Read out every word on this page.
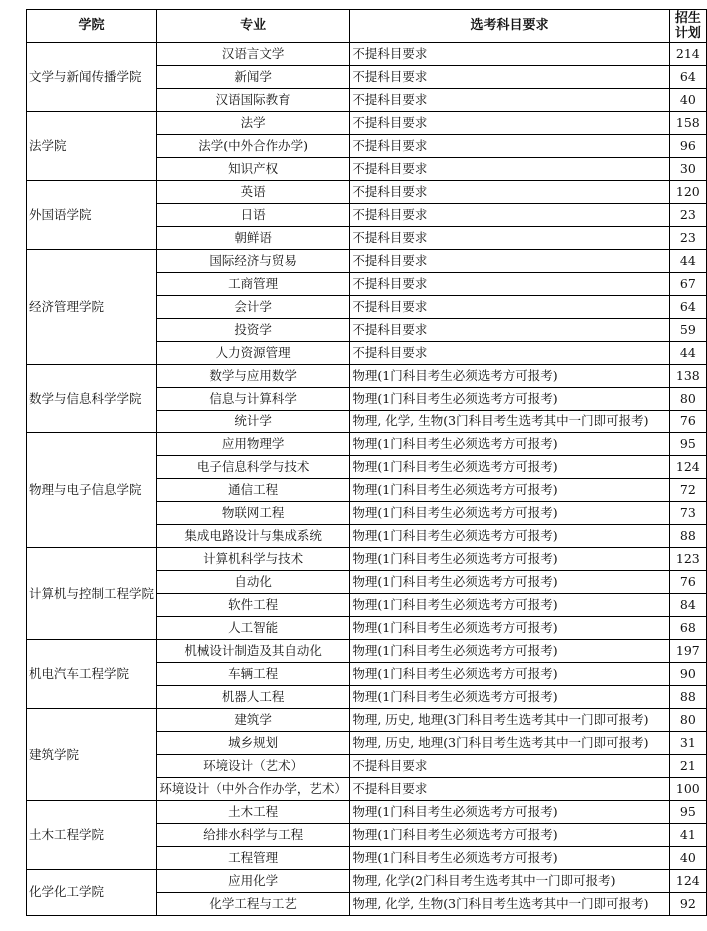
学院	专业	选考科目要求	招生计划
文学与新闻传播学院	汉语言文学	不提科目要求	214
	新闻学	不提科目要求	64
	汉语国际教育	不提科目要求	40
法学院	法学	不提科目要求	158
	法学(中外合作办学)	不提科目要求	96
	知识产权	不提科目要求	30
外国语学院	英语	不提科目要求	120
	日语	不提科目要求	23
	朝鲜语	不提科目要求	23
经济管理学院	国际经济与贸易	不提科目要求	44
	工商管理	不提科目要求	67
	会计学	不提科目要求	64
	投资学	不提科目要求	59
	人力资源管理	不提科目要求	44
数学与信息科学学院	数学与应用数学	物理(1门科目考生必须选考方可报考)	138
	信息与计算科学	物理(1门科目考生必须选考方可报考)	80
	统计学	物理, 化学, 生物(3门科目考生选考其中一门即可报考)	76
物理与电子信息学院	应用物理学	物理(1门科目考生必须选考方可报考)	95
	电子信息科学与技术	物理(1门科目考生必须选考方可报考)	124
	通信工程	物理(1门科目考生必须选考方可报考)	72
	物联网工程	物理(1门科目考生必须选考方可报考)	73
	集成电路设计与集成系统	物理(1门科目考生必须选考方可报考)	88
计算机与控制工程学院	计算机科学与技术	物理(1门科目考生必须选考方可报考)	123
	自动化	物理(1门科目考生必须选考方可报考)	76
	软件工程	物理(1门科目考生必须选考方可报考)	84
	人工智能	物理(1门科目考生必须选考方可报考)	68
机电汽车工程学院	机械设计制造及其自动化	物理(1门科目考生必须选考方可报考)	197
	车辆工程	物理(1门科目考生必须选考方可报考)	90
	机器人工程	物理(1门科目考生必须选考方可报考)	88
建筑学院	建筑学	物理, 历史, 地理(3门科目考生选考其中一门即可报考)	80
	城乡规划	物理, 历史, 地理(3门科目考生选考其中一门即可报考)	31
	环境设计（艺术）	不提科目要求	21
	环境设计（中外合作办学，艺术）	不提科目要求	100
土木工程学院	土木工程	物理(1门科目考生必须选考方可报考)	95
	给排水科学与工程	物理(1门科目考生必须选考方可报考)	41
	工程管理	物理(1门科目考生必须选考方可报考)	40
化学化工学院	应用化学	物理, 化学(2门科目考生选考其中一门即可报考)	124
	化学工程与工艺	物理, 化学, 生物(3门科目考生选考其中一门即可报考)	92
